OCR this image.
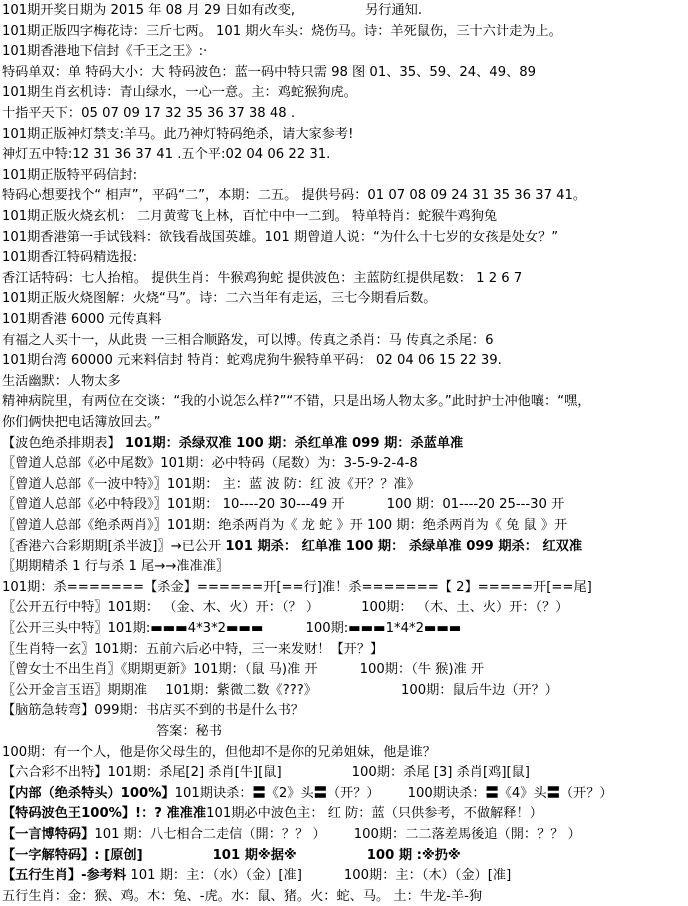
101期开奖日期为 2015 年 08 月 29 日如有改变,	另行通知.
101期正版四字梅花诗：三斤七两。 101 期火车头：烧伤马。诗：羊死鼠伤，三十六计走为上。
101期香港地下信封《千王之王》:·
特码单双：单 特码大小：大 特码波色：蓝一码中特只需 98 图 01、35、59、24、49、89
101期生肖玄机诗：青山绿水，一心一意。主：鸡蛇猴狗虎。
十指平天下：05 07 09 17 32 35 36 37 38 48 .
101期正版神灯禁支:羊马。此乃神灯特码绝杀，请大家参考!
神灯五中特:12 31 36 37 41 .五个平:02 04 06 22 31.
101期正版特平码信封:
特码心想要找个“ 相声”，平码“二”，本期：二五。 提供号码：01 07 08 09 24 31 35 36 37 41。
101期正版火烧玄机： 二月黄莺飞上林，百忙中中一二到。 特单特肖：蛇猴牛鸡狗兔
101期香港第一手试钱料：欲钱看战国英雄。101 期曾道人说：“为什么十七岁的女孩是处女？”
101期香江特码精选报:
香江话特码：七人抬棺。 提供生肖：牛猴鸡狗蛇 提供波色：主蓝防红提供尾数： 1 2 6 7
101期正版火烧图解：火烧“马”。诗：二六当年有走运，三七今期看后数。
101期香港 6000 元传真料
有福之人买十一，从此贵 一三相合顺路发，可以博。传真之杀肖：马 传真之杀尾：6
101期台湾 60000 元来料信封 特肖：蛇鸡虎狗牛猴特单平码： 02 04 06 15 22 39.
生活幽默：人物太多
精神病院里，有两位在交谈：“我的小说怎么样?”“不错，只是出场人物太多。”此时护士冲他嚷：“嘿，
你们俩快把电话簿放回去。”
【波色绝杀排期表】 101期：杀绿双准 100 期：杀红单准 099 期：杀蓝单准
〖曾道人总部《必中尾数》101期：必中特码（尾数）为：3-5-9-2-4-8
〖曾道人总部《一波中特》〗101期： 主：蓝 波 防：红 波《开？？准》
〖曾道人总部《必中特段》〗101期： 10----20 30---49 开	100 期：01----20 25---30 开
〖曾道人总部《绝杀两肖》〗101期：绝杀两肖为《 龙 蛇 》开 100 期：绝杀两肖为《 兔 鼠 》开
〖香港六合彩期期[杀半波]〗→已公开 101 期杀： 红单准 100 期： 杀绿单准 099 期杀： 红双准
〖期期精杀 1 行与杀 1 尾→→准准准〗
101期：杀=======【杀金】======开[==行]准！杀=======【 2】=====开[==尾]
〖公开五行中特〗101期： （金、木、火）开：（？ ）	100期： （木、土、火）开：（？）
〖公开三头中特〗101期:▬▬▬4*3*2▬▬▬	100期:▬▬▬1*4*2▬▬▬
〖生肖特一玄〗101期：五前六后必中特，三一来发财！【开？】
〖曾女士不出生肖〗《期期更新》101期：（鼠 马)准 开	100期：（牛 猴)准 开
〖公开金言玉语〗期期准 101期：紫微二数《???》	100期：鼠后牛边（开？）
【脑筋急转弯】099期：书店买不到的书是什么书？
答案：秘书
100期：有一个人，他是你父母生的，但他却不是你的兄弟姐妹，他是谁？
【六合彩不出特】101期：杀尾[2] 杀肖[牛][鼠]	100期：杀尾 [3] 杀肖[鸡][鼠]
【内部（绝杀特头）100%】101期诀杀：〓《2》头〓（开？） 100期诀杀：〓《4》头〓（开？）
【特码波色王100%】!：? 准准准101期必中波色主： 红 防：蓝（只供参考，不做解释！）
【一言博特码】101 期：八七相合二走信（開：？？ ） 100期：二二落差馬後追（開：？？ ）
【一字解特码】: [原创]	101 期※据※	100 期 :※扔※
【五行生肖】-参考料 101 期：主：（水）（金）[准]	100期：主：（木）（金）[准]
五行生肖：金：猴、鸡。木：兔、-虎。水：鼠、猪。火：蛇、马。 土：牛龙-羊-狗
